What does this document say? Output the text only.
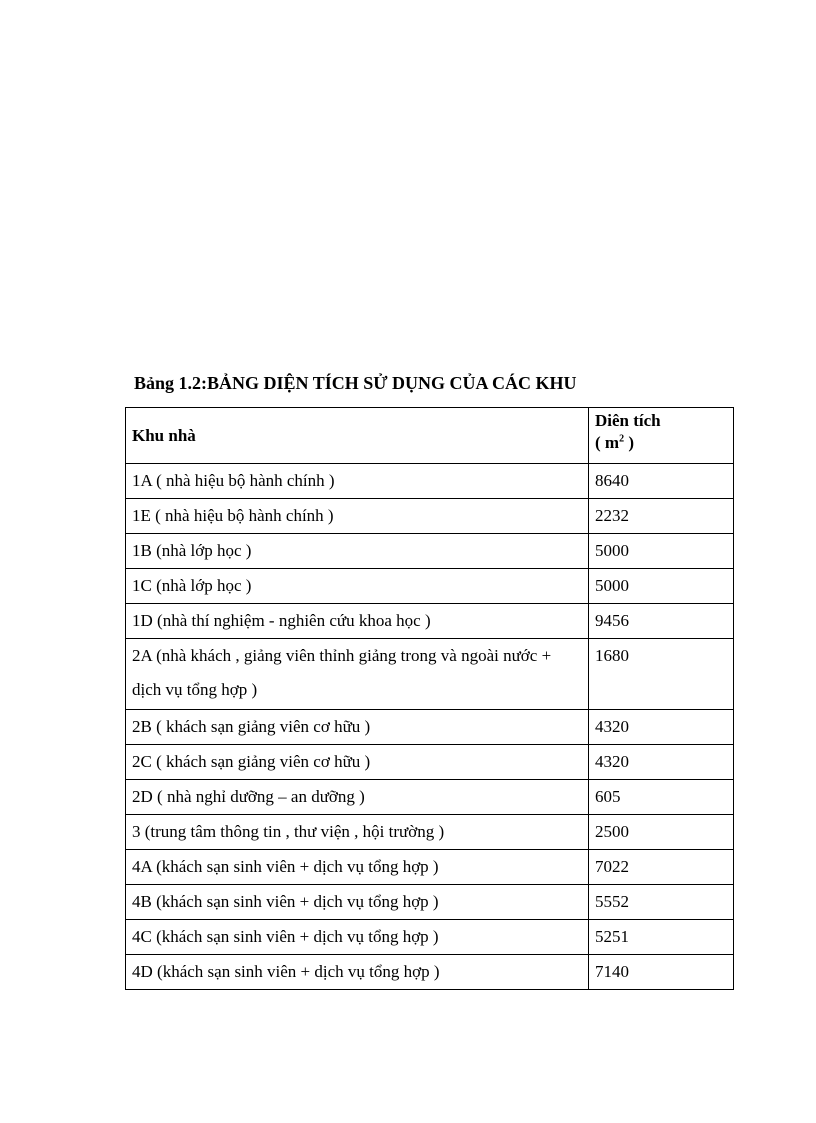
Bảng 1.2:BẢNG DIỆN TÍCH SỬ DỤNG CỦA CÁC KHU
Khu nhà	Diên tích
( $m^2$ )
1A ( nhà hiệu bộ hành chính )	8640
1E ( nhà hiệu bộ hành chính )	2232
1B (nhà lớp học )	5000
1C (nhà lớp học )	5000
1D (nhà thí nghiệm - nghiên cứu khoa học )	9456
2A (nhà khách , giảng viên thỉnh giảng trong và ngoài nước + dịch vụ tổng hợp )	1680
2B ( khách sạn giảng viên cơ hữu )	4320
2C ( khách sạn giảng viên cơ hữu )	4320
2D ( nhà nghỉ dưỡng – an dưỡng )	605
3 (trung tâm thông tin , thư viện , hội trường )	2500
4A (khách sạn sinh viên + dịch vụ tổng hợp )	7022
4B (khách sạn sinh viên + dịch vụ tổng hợp )	5552
4C (khách sạn sinh viên + dịch vụ tổng hợp )	5251
4D (khách sạn sinh viên + dịch vụ tổng hợp )	7140
